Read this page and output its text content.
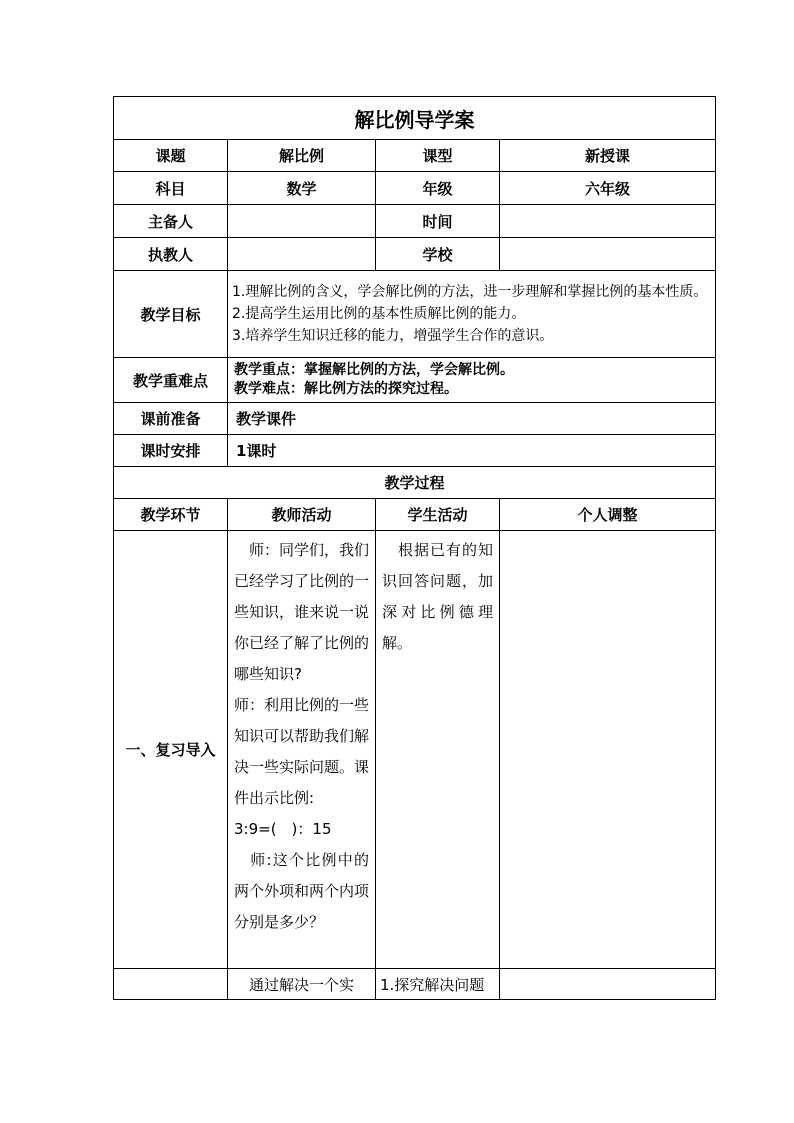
解比例导学案			
课题	解比例	课型	新授课
科目	数学	年级	六年级
主备人		时间	
执教人		学校	
教学目标	1.理解比例的含义，学会解比例的方法，进一步理解和掌握比例的基本性质。
2.提高学生运用比例的基本性质解比例的能力。
3.培养学生知识迁移的能力，增强学生合作的意识。		

教学重难点	教学重点：掌握解比例的方法，学会解比例。
教学难点：解比例方法的探究过程。		

课前准备	教学课件		
课时安排	1课时		
教学过程			
教学环节	教师活动	学生活动	个人调整
一、复习导入	　师：同学们，我们已经学习了比例的一些知识，谁来说一说你已经了解了比例的哪些知识?
师：利用比例的一些知识可以帮助我们解决一些实际问题。课件出示比例:
3:9=(　)：15
　师:这个比例中的两个外项和两个内项分别是多少？	　根据已有的知识回答问题，加深对比例德理解。	
	　通过解决一个实	1.探究解决问题	
